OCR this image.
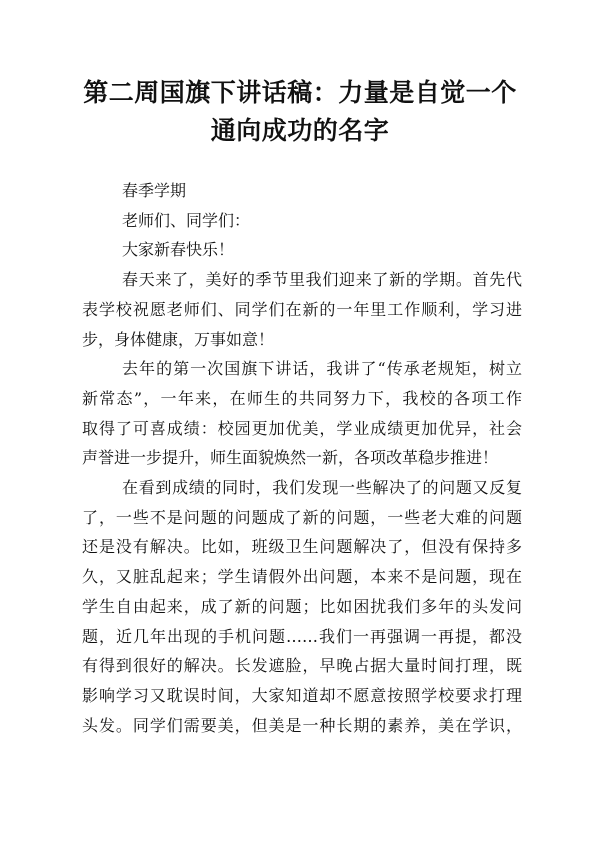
第二周国旗下讲话稿：力量是自觉一个
通向成功的名字
春季学期
老师们、同学们：
大家新春快乐！
春天来了，美好的季节里我们迎来了新的学期。首先代
表学校祝愿老师们、同学们在新的一年里工作顺利，学习进
步，身体健康，万事如意！
去年的第一次国旗下讲话，我讲了“传承老规矩，树立
新常态”，一年来，在师生的共同努力下，我校的各项工作
取得了可喜成绩：校园更加优美，学业成绩更加优异，社会
声誉进一步提升，师生面貌焕然一新，各项改革稳步推进！
在看到成绩的同时，我们发现一些解决了的问题又反复
了，一些不是问题的问题成了新的问题，一些老大难的问题
还是没有解决。比如，班级卫生问题解决了，但没有保持多
久，又脏乱起来；学生请假外出问题，本来不是问题，现在
学生自由起来，成了新的问题；比如困扰我们多年的头发问
题，近几年出现的手机问题……我们一再强调一再提，都没
有得到很好的解决。长发遮脸，早晚占据大量时间打理，既
影响学习又耽误时间，大家知道却不愿意按照学校要求打理
头发。同学们需要美，但美是一种长期的素养，美在学识，
